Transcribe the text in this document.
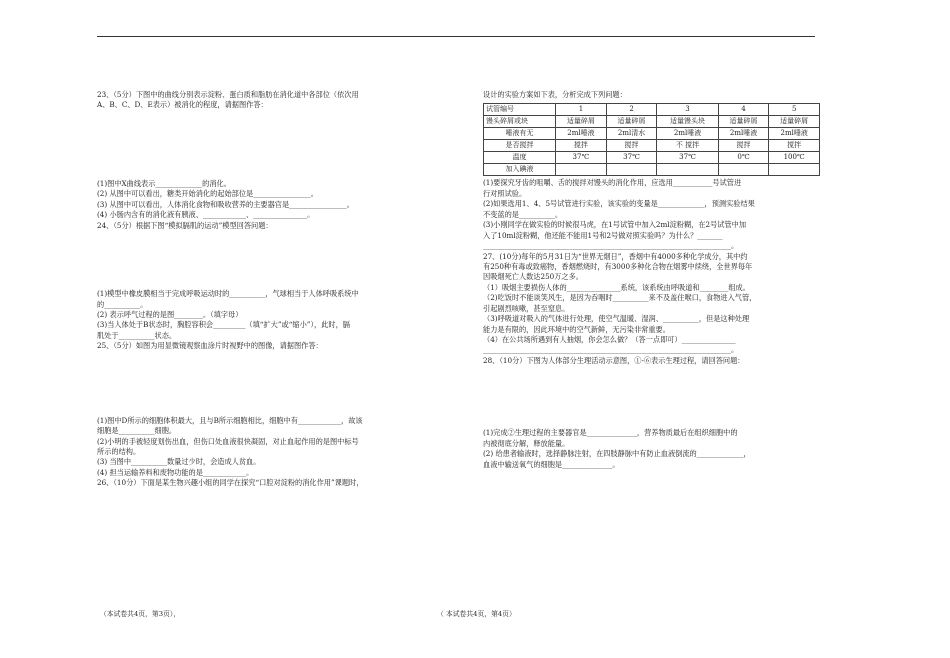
23、（5分）下图中的曲线分别表示淀粉、蛋白质和脂肪在消化道中各部位（依次用

A、B、C、D、E表示）被消化的程度，请据图作答：

(1)图中X曲线表示_____________的消化。

(2) 从图中可以看出，糖类开始消化的起始部位是________________。

(3) 从图中可以看出，人体消化食物和吸收营养的主要器官是________________。

(4) 小肠内含有的消化液有胰液、____________、_______________。

24、（5分）根据下图“模拟膈肌的运动”模型回答问题：

(1)模型中橡皮膜相当于完成呼吸运动时的__________，气球相当于人体呼吸系统中

的__________。

(2) 表示呼气过程的是图________。（填字母）

(3)当人体处于B状态时，胸腔容积会_________（填“扩大”或“缩小”），此时，膈

肌处于__________状态。

25、（5分）如图为用显微镜观察血涂片时视野中的图像，请据图作答：

(1)图中D所示的细胞体积最大，且与B所示细胞相比，细胞中有____________，故该

细胞是__________细胞。

(2)小明的手被轻度划伤出血，但伤口处血液很快凝固，对止血起作用的是图中标号

所示的结构。

(3) 当图中__________数量过少时，会造成人贫血。

(4) 担当运输养料和废物功能的是____________。

26、（10分）下面是某生物兴趣小组的同学在探究“口腔对淀粉的消化作用”课题时，

设计的实验方案如下表，分析完成下列问题：

试管编号	1	2	3	4	5
馒头碎屑或块	适量碎屑	适量碎屑	适量馒头块	适量碎屑	适量碎屑
唾液有无	2ml唾液	2ml清水	2ml唾液	2ml唾液	2ml唾液
是否搅拌	搅拌	搅拌	不 搅拌	搅拌	搅拌
温度	37℃	37℃	37℃	0℃	100℃
加入碘液					

(1)要探究牙齿的咀嚼、舌的搅拌对馒头的消化作用，应选用___________号试管进

行对照试验。

(2)如果选用1、4、5号试管进行实验，该实验的变量是_____________，预测实验结果

不变蓝的是__________。

(3)小刚同学在做实验的时候很马虎，在1号试管中加入2ml淀粉糊，在2号试管中加

入了10ml淀粉糊，他还能不能用1号和2号做对照实验吗？为什么？_______

_____________________________________________________________________。

27、(10分)每年的5月31日为“世界无烟日”，香烟中有4000多种化学成分，其中约

有250种有毒或致癌物，香烟燃烧时，有3000多种化合物在烟雾中续绕，全世界每年

因吸烟死亡人数达250万之多。

（1）吸烟主要损伤人体的_______________系统，该系统由呼吸道和________组成。

（2)吃饭时不能谈笑风生，是因为吞咽时__________来不及盖住喉口，食物进入气管，

引起剧烈咳嗽，甚至窒息。

（3)呼吸道对吸入的气体进行处理，使空气温暖、湿润、__________，但是这种处理

能力是有限的，因此环境中的空气新鲜，无污染非常重要。

（4）在公共场所遇到有人抽烟，你会怎么做？（答一点即可）_______________

_____________________________________________________________________。

28、（10分）下图为人体部分生理活动示意图，①-⑥表示生理过程，请回答问题：

(1)完成②生理过程的主要器官是______________，营养物质最后在组织细胞中的

内被彻底分解，释放能量。

(2) 给患者输液时，选择静脉注射，在四肢静脉中有防止血液倒流的_____________，

血液中输送氧气的细胞是______________。

（本试卷共4页，第3页），	（ 本试卷共4页，第4页）
